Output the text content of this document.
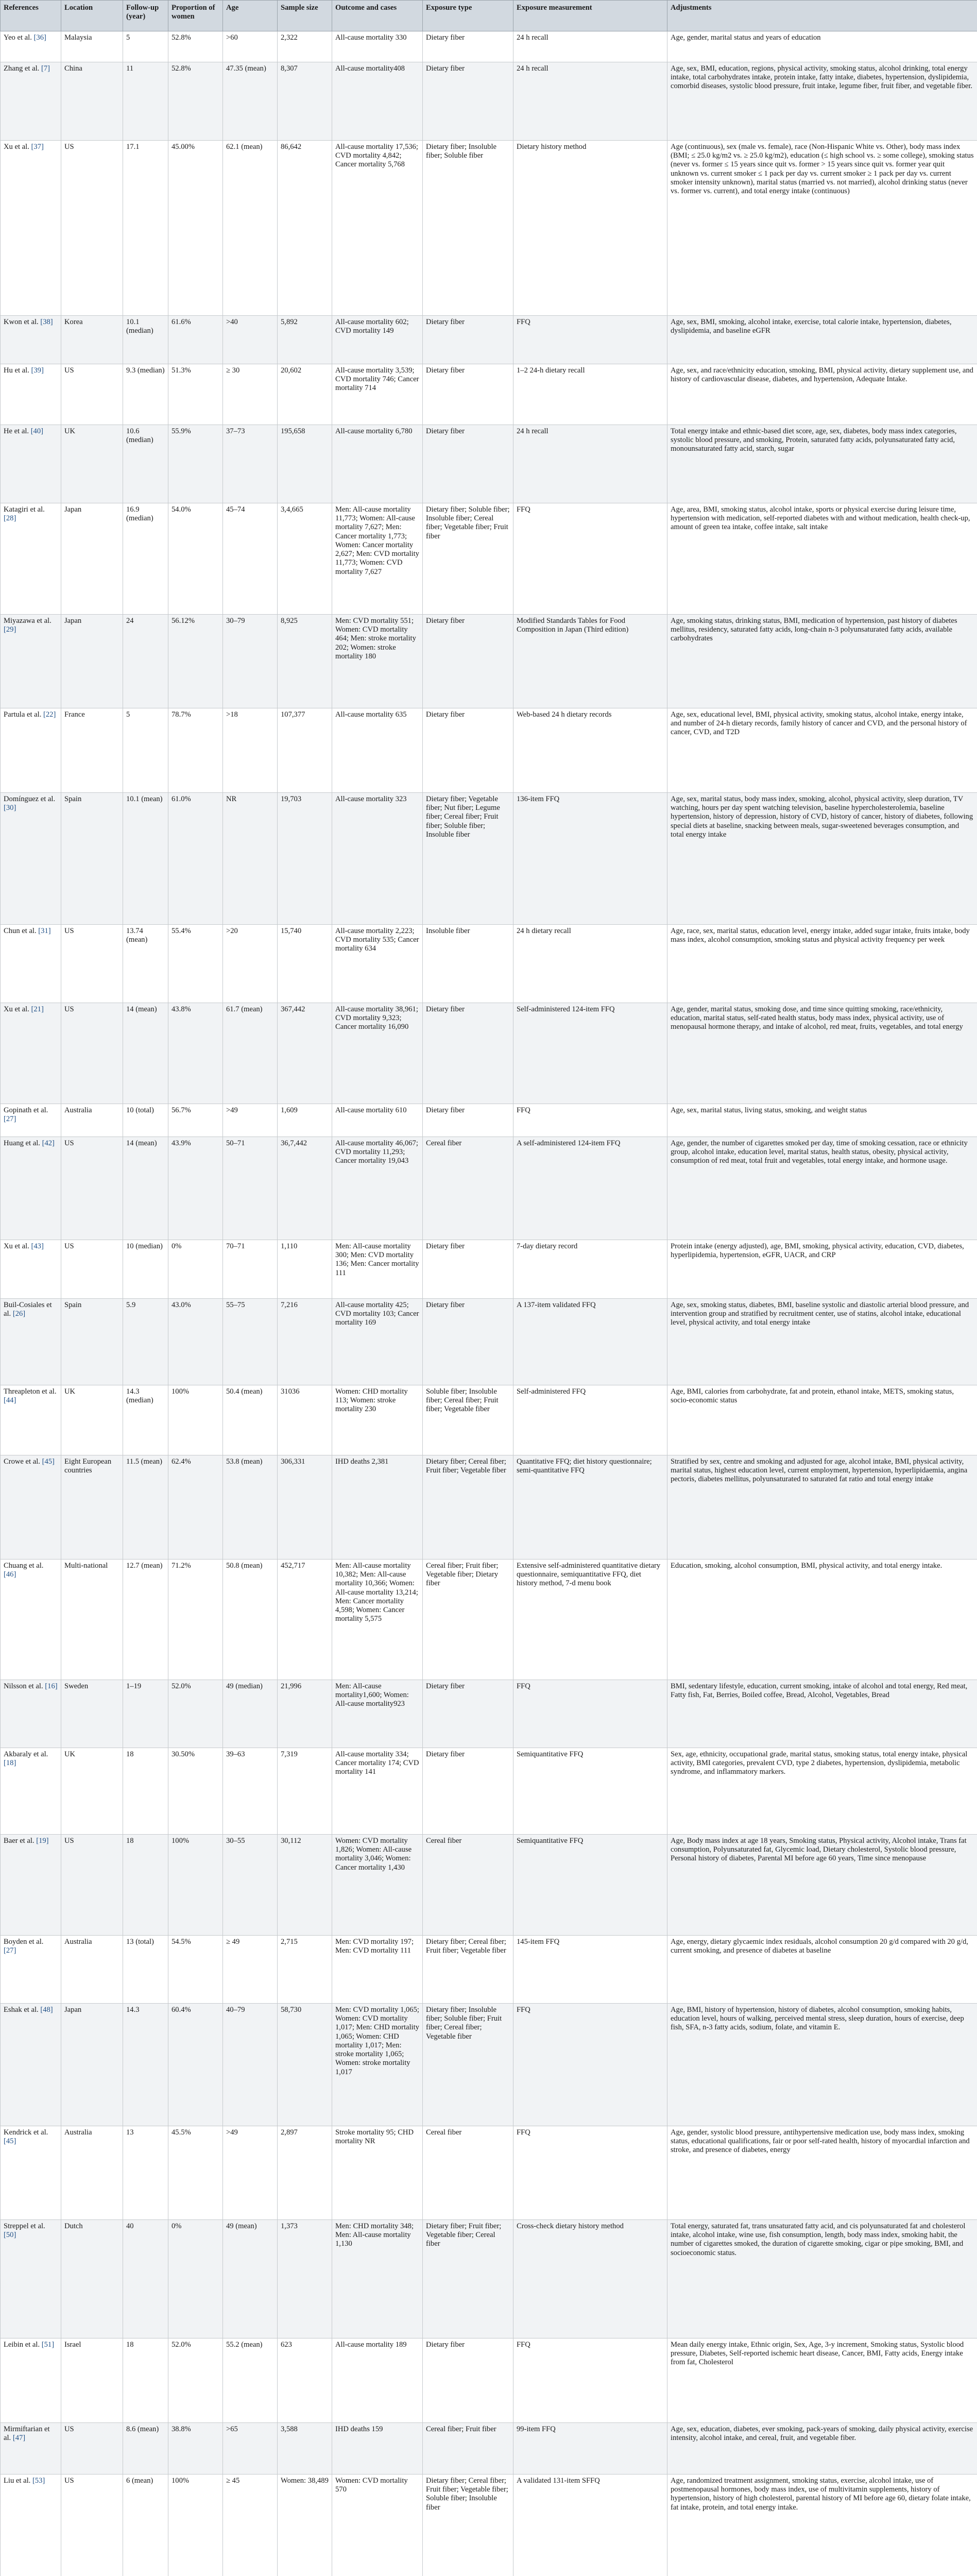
References	Location	Follow-up (year)	Proportion of women	Age	Sample size	Outcome and cases	Exposure type	Exposure measurement	Adjustments
Yeo et al. [36]	Malaysia	5	52.8%	>60	2,322	All-cause mortality 330	Dietary fiber	24 h recall	Age, gender, marital status and years of education
Zhang et al. [7]	China	11	52.8%	47.35 (mean)	8,307	All-cause mortality408	Dietary fiber	24 h recall	Age, sex, BMI, education, regions, physical activity, smoking status, alcohol drinking, total energy intake, total carbohydrates intake, protein intake, fatty intake, diabetes, hypertension, dyslipidemia, comorbid diseases, systolic blood pressure, fruit intake, legume fiber, fruit fiber, and vegetable fiber.
Xu et al. [37]	US	17.1	45.00%	62.1 (mean)	86,642	All-cause mortality 17,536; CVD mortality 4,842; Cancer mortality 5,768	Dietary fiber; Insoluble fiber; Soluble fiber	Dietary history method	Age (continuous), sex (male vs. female), race (Non-Hispanic White vs. Other), body mass index (BMI; ≤ 25.0 kg/m2 vs. ≥ 25.0 kg/m2), education (≤ high school vs. ≥ some college), smoking status (never vs. former ≤ 15 years since quit vs. former > 15 years since quit vs. former year quit unknown vs. current smoker ≤ 1 pack per day vs. current smoker ≥ 1 pack per day vs. current smoker intensity unknown), marital status (married vs. not married), alcohol drinking status (never vs. former vs. current), and total energy intake (continuous)
Kwon et al. [38]	Korea	10.1 (median)	61.6%	>40	5,892	All-cause mortality 602; CVD mortality 149	Dietary fiber	FFQ	Age, sex, BMI, smoking, alcohol intake, exercise, total calorie intake, hypertension, diabetes, dyslipidemia, and baseline eGFR
Hu et al. [39]	US	9.3 (median)	51.3%	≥ 30	20,602	All-cause mortality 3,539; CVD mortality 746; Cancer mortality 714	Dietary fiber	1–2 24-h dietary recall	Age, sex, and race/ethnicity education, smoking, BMI, physical activity, dietary supplement use, and history of cardiovascular disease, diabetes, and hypertension, Adequate Intake.
He et al. [40]	UK	10.6 (median)	55.9%	37–73	195,658	All-cause mortality 6,780	Dietary fiber	24 h recall	Total energy intake and ethnic-based diet score, age, sex, diabetes, body mass index categories, systolic blood pressure, and smoking, Protein, saturated fatty acids, polyunsaturated fatty acid, monounsaturated fatty acid, starch, sugar
Katagiri et al. [28]	Japan	16.9 (median)	54.0%	45–74	3,4,665	Men: All-cause mortality 11,773; Women: All-cause mortality 7,627; Men: Cancer mortality 1,773; Women: Cancer mortality 2,627; Men: CVD mortality 11,773; Women: CVD mortality 7,627	Dietary fiber; Soluble fiber; Insoluble fiber; Cereal fiber; Vegetable fiber; Fruit fiber	FFQ	Age, area, BMI, smoking status, alcohol intake, sports or physical exercise during leisure time, hypertension with medication, self-reported diabetes with and without medication, health check-up, amount of green tea intake, coffee intake, salt intake
Miyazawa et al. [29]	Japan	24	56.12%	30–79	8,925	Men: CVD mortality 551; Women: CVD mortality 464; Men: stroke mortality 202; Women: stroke mortality 180	Dietary fiber	Modified Standards Tables for Food Composition in Japan (Third edition)	Age, smoking status, drinking status, BMI, medication of hypertension, past history of diabetes mellitus, residency, saturated fatty acids, long-chain n-3 polyunsaturated fatty acids, available carbohydrates
Partula et al. [22]	France	5	78.7%	>18	107,377	All-cause mortality 635	Dietary fiber	Web-based 24 h dietary records	Age, sex, educational level, BMI, physical activity, smoking status, alcohol intake, energy intake, and number of 24-h dietary records, family history of cancer and CVD, and the personal history of cancer, CVD, and T2D
Domínguez et al. [30]	Spain	10.1 (mean)	61.0%	NR	19,703	All-cause mortality 323	Dietary fiber; Vegetable fiber; Nut fiber; Legume fiber; Cereal fiber; Fruit fiber; Soluble fiber; Insoluble fiber	136-item FFQ	Age, sex, marital status, body mass index, smoking, alcohol, physical activity, sleep duration, TV watching, hours per day spent watching television, baseline hypercholesterolemia, baseline hypertension, history of depression, history of CVD, history of cancer, history of diabetes, following special diets at baseline, snacking between meals, sugar-sweetened beverages consumption, and total energy intake
Chun et al. [31]	US	13.74 (mean)	55.4%	>20	15,740	All-cause mortality 2,223; CVD mortality 535; Cancer mortality 634	Insoluble fiber	24 h dietary recall	Age, race, sex, marital status, education level, energy intake, added sugar intake, fruits intake, body mass index, alcohol consumption, smoking status and physical activity frequency per week
Xu et al. [21]	US	14 (mean)	43.8%	61.7 (mean)	367,442	All-cause mortality 38,961; CVD mortality 9,323; Cancer mortality 16,090	Dietary fiber	Self-administered 124-item FFQ	Age, gender, marital status, smoking dose, and time since quitting smoking, race/ethnicity, education, marital status, self-rated health status, body mass index, physical activity, use of menopausal hormone therapy, and intake of alcohol, red meat, fruits, vegetables, and total energy
Gopinath et al. [27]	Australia	10 (total)	56.7%	>49	1,609	All-cause mortality 610	Dietary fiber	FFQ	Age, sex, marital status, living status, smoking, and weight status
Huang et al. [42]	US	14 (mean)	43.9%	50–71	36,7,442	All-cause mortality 46,067; CVD mortality 11,293; Cancer mortality 19,043	Cereal fiber	A self-administered 124-item FFQ	Age, gender, the number of cigarettes smoked per day, time of smoking cessation, race or ethnicity group, alcohol intake, education level, marital status, health status, obesity, physical activity, consumption of red meat, total fruit and vegetables, total energy intake, and hormone usage.
Xu et al. [43]	US	10 (median)	0%	70–71	1,110	Men: All-cause mortality 300; Men: CVD mortality 136; Men: Cancer mortality 111	Dietary fiber	7-day dietary record	Protein intake (energy adjusted), age, BMI, smoking, physical activity, education, CVD, diabetes, hyperlipidemia, hypertension, eGFR, UACR, and CRP
Buil-Cosiales et al. [26]	Spain	5.9	43.0%	55–75	7,216	All-cause mortality 425; CVD mortality 103; Cancer mortality 169	Dietary fiber	A 137-item validated FFQ	Age, sex, smoking status, diabetes, BMI, baseline systolic and diastolic arterial blood pressure, and intervention group and stratified by recruitment center, use of statins, alcohol intake, educational level, physical activity, and total energy intake
Threapleton et al. [44]	UK	14.3 (median)	100%	50.4 (mean)	31036	Women: CHD mortality 113; Women: stroke mortality 230	Soluble fiber; Insoluble fiber; Cereal fiber; Fruit fiber; Vegetable fiber	Self-administered FFQ	Age, BMI, calories from carbohydrate, fat and protein, ethanol intake, METS, smoking status, socio-economic status
Crowe et al. [45]	Eight European countries	11.5 (mean)	62.4%	53.8 (mean)	306,331	IHD deaths 2,381	Dietary fiber; Cereal fiber; Fruit fiber; Vegetable fiber	Quantitative FFQ; diet history questionnaire; semi-quantitative FFQ	Stratified by sex, centre and smoking and adjusted for age, alcohol intake, BMI, physical activity, marital status, highest education level, current employment, hypertension, hyperlipidaemia, angina pectoris, diabetes mellitus, polyunsaturated to saturated fat ratio and total energy intake
Chuang et al. [46]	Multi-national	12.7 (mean)	71.2%	50.8 (mean)	452,717	Men: All-cause mortality 10,382; Men: All-cause mortality 10,366; Women: All-cause mortality 13,214; Men: Cancer mortality 4,598; Women: Cancer mortality 5,575	Cereal fiber; Fruit fiber; Vegetable fiber; Dietary fiber	Extensive self-administered quantitative dietary questionnaire, semiquantitative FFQ, diet history method, 7-d menu book	Education, smoking, alcohol consumption, BMI, physical activity, and total energy intake.
Nilsson et al. [16]	Sweden	1–19	52.0%	49 (median)	21,996	Men: All-cause mortality1,600; Women: All-cause mortality923	Dietary fiber	FFQ	BMI, sedentary lifestyle, education, current smoking, intake of alcohol and total energy, Red meat, Fatty fish, Fat, Berries, Boiled coffee, Bread, Alcohol, Vegetables, Bread
Akbaraly et al. [18]	UK	18	30.50%	39–63	7,319	All-cause mortality 334; Cancer mortality 174; CVD mortality 141	Dietary fiber	Semiquantitative FFQ	Sex, age, ethnicity, occupational grade, marital status, smoking status, total energy intake, physical activity, BMI categories, prevalent CVD, type 2 diabetes, hypertension, dyslipidemia, metabolic syndrome, and inflammatory markers.
Baer et al. [19]	US	18	100%	30–55	30,112	Women: CVD mortality 1,826; Women: All-cause mortality 3,046; Women: Cancer mortality 1,430	Cereal fiber	Semiquantitative FFQ	Age, Body mass index at age 18 years, Smoking status, Physical activity, Alcohol intake, Trans fat consumption, Polyunsaturated fat, Glycemic load, Dietary cholesterol, Systolic blood pressure, Personal history of diabetes, Parental MI before age 60 years, Time since menopause
Boyden et al. [27]	Australia	13 (total)	54.5%	≥ 49	2,715	Men: CVD mortality 197; Men: CVD mortality 111	Dietary fiber; Cereal fiber; Fruit fiber; Vegetable fiber	145-item FFQ	Age, energy, dietary glycaemic index residuals, alcohol consumption 20 g/d compared with 20 g/d, current smoking, and presence of diabetes at baseline
Eshak et al. [48]	Japan	14.3	60.4%	40–79	58,730	Men: CVD mortality 1,065; Women: CVD mortality 1,017; Men: CHD mortality 1,065; Women: CHD mortality 1,017; Men: stroke mortality 1,065; Women: stroke mortality 1,017	Dietary fiber; Insoluble fiber; Soluble fiber; Fruit fiber; Cereal fiber; Vegetable fiber	FFQ	Age, BMI, history of hypertension, history of diabetes, alcohol consumption, smoking habits, education level, hours of walking, perceived mental stress, sleep duration, hours of exercise, deep fish, SFA, n-3 fatty acids, sodium, folate, and vitamin E.
Kendrick et al. [45]	Australia	13	45.5%	>49	2,897	Stroke mortality 95; CHD mortality NR	Cereal fiber	FFQ	Age, gender, systolic blood pressure, antihypertensive medication use, body mass index, smoking status, educational qualifications, fair or poor self-rated health, history of myocardial infarction and stroke, and presence of diabetes, energy
Streppel et al. [50]	Dutch	40	0%	49 (mean)	1,373	Men: CHD mortality 348; Men: All-cause mortality 1,130	Dietary fiber; Fruit fiber; Vegetable fiber; Cereal fiber	Cross-check dietary history method	Total energy, saturated fat, trans unsaturated fatty acid, and cis polyunsaturated fat and cholesterol intake, alcohol intake, wine use, fish consumption, length, body mass index, smoking habit, the number of cigarettes smoked, the duration of cigarette smoking, cigar or pipe smoking, BMI, and socioeconomic status.
Leibin et al. [51]	Israel	18	52.0%	55.2 (mean)	623	All-cause mortality 189	Dietary fiber	FFQ	Mean daily energy intake, Ethnic origin, Sex, Age, 3-y increment, Smoking status, Systolic blood pressure, Diabetes, Self-reported ischemic heart disease, Cancer, BMI, Fatty acids, Energy intake from fat, Cholesterol
Mirmiftarian et al. [47]	US	8.6 (mean)	38.8%	>65	3,588	IHD deaths 159	Cereal fiber; Fruit fiber	99-item FFQ	Age, sex, education, diabetes, ever smoking, pack-years of smoking, daily physical activity, exercise intensity, alcohol intake, and cereal, fruit, and vegetable fiber.
Liu et al. [53]	US	6 (mean)	100%	≥ 45	Women: 38,489	Women: CVD mortality 570	Dietary fiber; Cereal fiber; Fruit fiber; Vegetable fiber; Soluble fiber; Insoluble fiber	A validated 131-item SFFQ	Age, randomized treatment assignment, smoking status, exercise, alcohol intake, use of postmenopausal hormones, body mass index, use of multivitamin supplements, history of hypertension, history of high cholesterol, parental history of MI before age 60, dietary folate intake, fat intake, protein, and total energy intake.
